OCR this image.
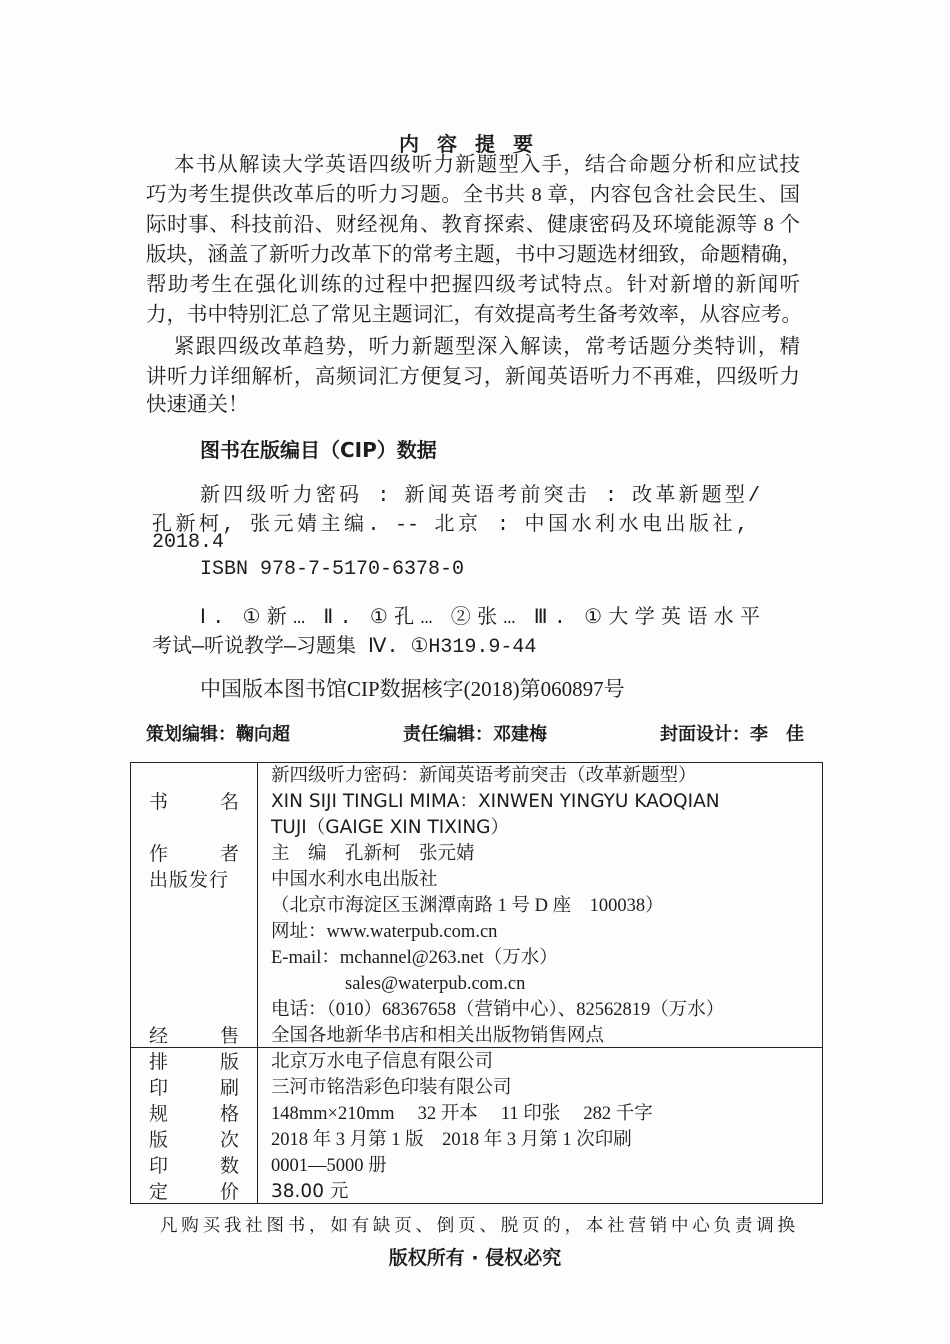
内容提要
本书从解读大学英语四级听力新题型入手，结合命题分析和应试技
巧为考生提供改革后的听力习题。全书共 8 章，内容包含社会民生、国
际时事、科技前沿、财经视角、教育探索、健康密码及环境能源等 8 个
版块，涵盖了新听力改革下的常考主题，书中习题选材细致，命题精确，
帮助考生在强化训练的过程中把握四级考试特点。针对新增的新闻听
力，书中特别汇总了常见主题词汇，有效提高考生备考效率，从容应考。
紧跟四级改革趋势，听力新题型深入解读，常考话题分类特训，精
讲听力详细解析，高频词汇方便复习，新闻英语听力不再难，四级听力
快速通关！
图书在版编目（CIP）数据
新四级听力密码 : 新闻英语考前突击 : 改革新题型/
孔新柯, 张元婧主编. -- 北京 : 中国水利水电出版社,
2018.4
ISBN 978-7-5170-6378-0
Ⅰ. ①新… Ⅱ. ①孔… ②张… Ⅲ. ①大学英语水平
考试—听说教学—习题集 Ⅳ. ①H319.9-44
中国版本图书馆CIP数据核字(2018)第060897号
策划编辑：鞠向超	责任编辑：邓建梅	封面设计：李　佳
书	名
新四级听力密码：新闻英语考前突击（改革新题型）
XIN SIJI TINGLI MIMA：XINWEN YINGYU KAOQIAN
TUJI（GAIGE XIN TIXING）
作	者 主　编　孔新柯　张元婧
出版发行 中国水利水电出版社
（北京市海淀区玉渊潭南路 1 号 D 座　100038）
网址：www.waterpub.com.cn
E-mail：mchannel@263.net（万水）
　　　　sales@waterpub.com.cn
电话：（010）68367658（营销中心）、82562819（万水）
经	售 全国各地新华书店和相关出版物销售网点
排	版 北京万水电子信息有限公司
印	刷 三河市铭浩彩色印装有限公司
规	格 148mm×210mm　 32 开本　 11 印张　 282 千字
版	次 2018 年 3 月第 1 版　2018 年 3 月第 1 次印刷
印	数 0001—5000 册
定	价 38.00 元
凡购买我社图书，如有缺页、倒页、脱页的，本社营销中心负责调换
版权所有 · 侵权必究
